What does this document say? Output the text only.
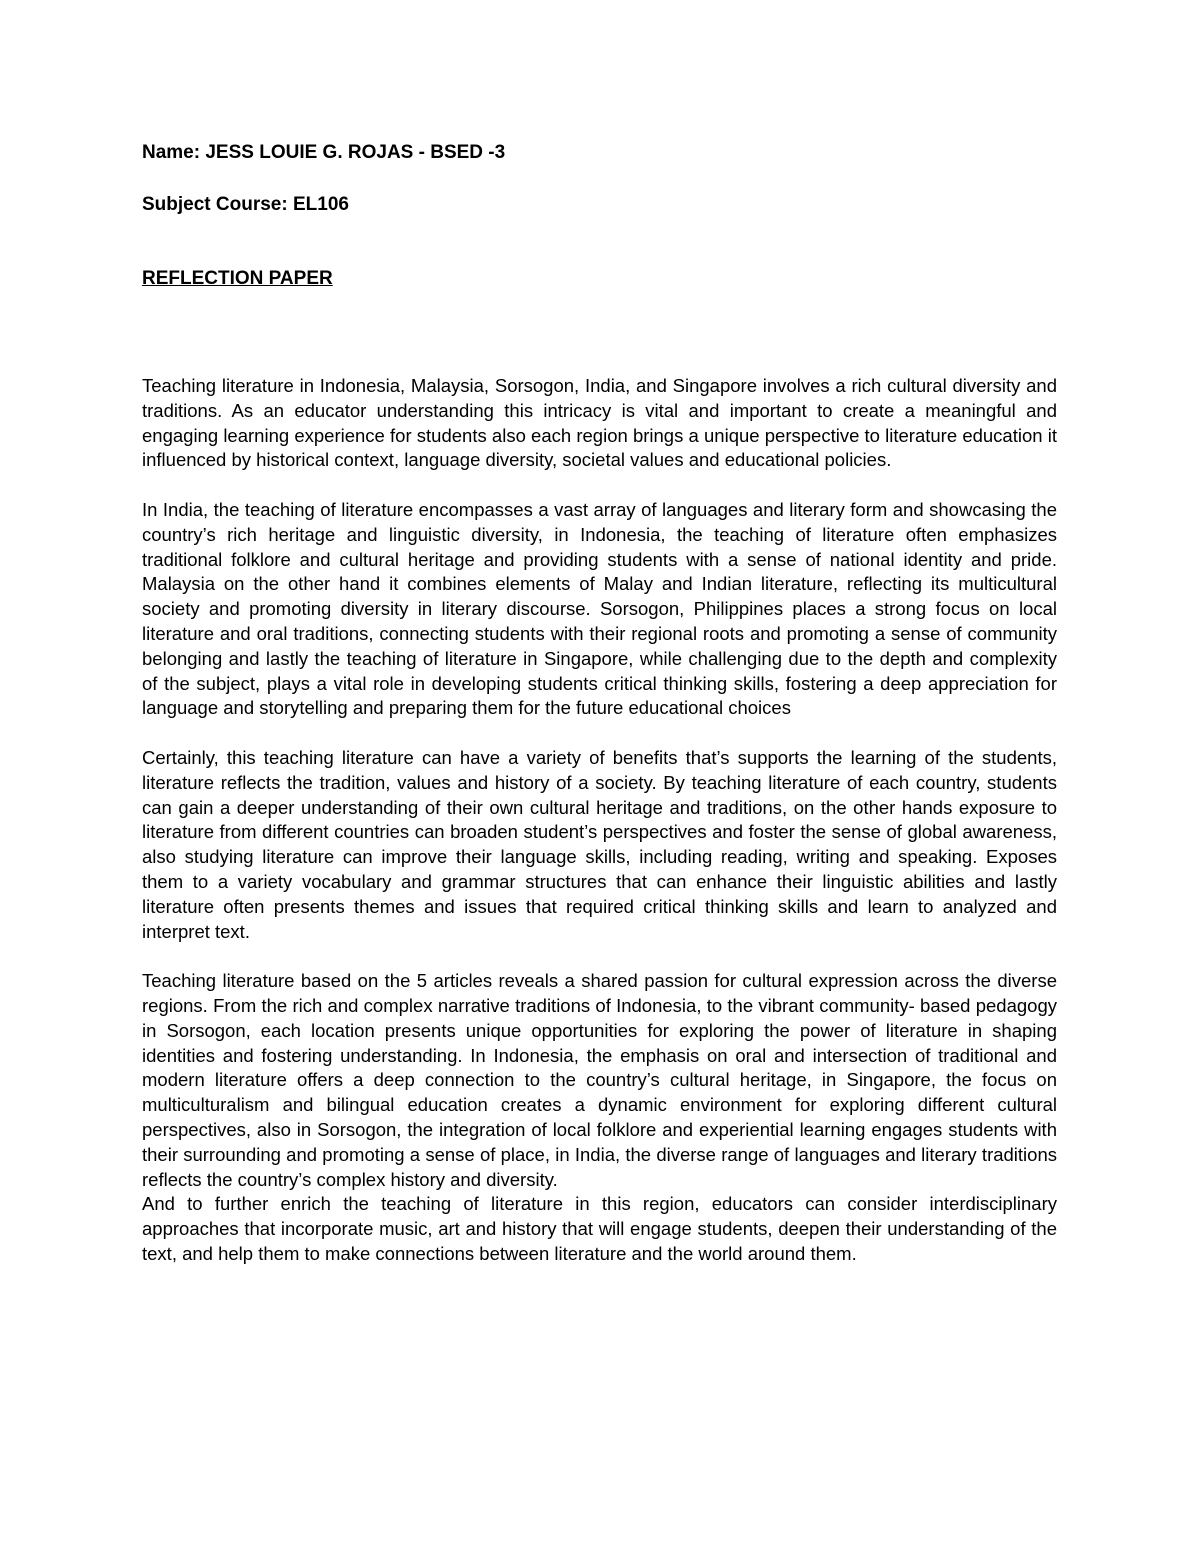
Name: JESS LOUIE G. ROJAS - BSED -3

Subject Course: EL106

REFLECTION PAPER

Teaching literature in Indonesia, Malaysia, Sorsogon, India, and Singapore involves a rich cultural diversity and traditions. As an educator understanding this intricacy is vital and important to create a meaningful and engaging learning experience for students also each region brings a unique perspective to literature education it influenced by historical context, language diversity, societal values and educational policies.

In India, the teaching of literature encompasses a vast array of languages and literary form and showcasing the country’s rich heritage and linguistic diversity, in Indonesia, the teaching of literature often emphasizes traditional folklore and cultural heritage and providing students with a sense of national identity and pride. Malaysia on the other hand it combines elements of Malay and Indian literature, reflecting its multicultural society and promoting diversity in literary discourse. Sorsogon, Philippines places a strong focus on local literature and oral traditions, connecting students with their regional roots and promoting a sense of community belonging and lastly the teaching of literature in Singapore, while challenging due to the depth and complexity of the subject, plays a vital role in developing students critical thinking skills, fostering a deep appreciation for language and storytelling and preparing them for the future educational choices

Certainly, this teaching literature can have a variety of benefits that’s supports the learning of the students, literature reflects the tradition, values and history of a society. By teaching literature of each country, students can gain a deeper understanding of their own cultural heritage and traditions, on the other hands exposure to literature from different countries can broaden student’s perspectives and foster the sense of global awareness, also studying literature can improve their language skills, including reading, writing and speaking. Exposes them to a variety vocabulary and grammar structures that can enhance their linguistic abilities and lastly literature often presents themes and issues that required critical thinking skills and learn to analyzed and interpret text.

Teaching literature based on the 5 articles reveals a shared passion for cultural expression across the diverse regions. From the rich and complex narrative traditions of Indonesia, to the vibrant community- based pedagogy in Sorsogon, each location presents unique opportunities for exploring the power of literature in shaping identities and fostering understanding. In Indonesia, the emphasis on oral and intersection of traditional and modern literature offers a deep connection to the country’s cultural heritage, in Singapore, the focus on multiculturalism and bilingual education creates a dynamic environment for exploring different cultural perspectives, also in Sorsogon, the integration of local folklore and experiential learning engages students with their surrounding and promoting a sense of place, in India, the diverse range of languages and literary traditions reflects the country’s complex history and diversity.

And to further enrich the teaching of literature in this region, educators can consider interdisciplinary approaches that incorporate music, art and history that will engage students, deepen their understanding of the text, and help them to make connections between literature and the world around them.
